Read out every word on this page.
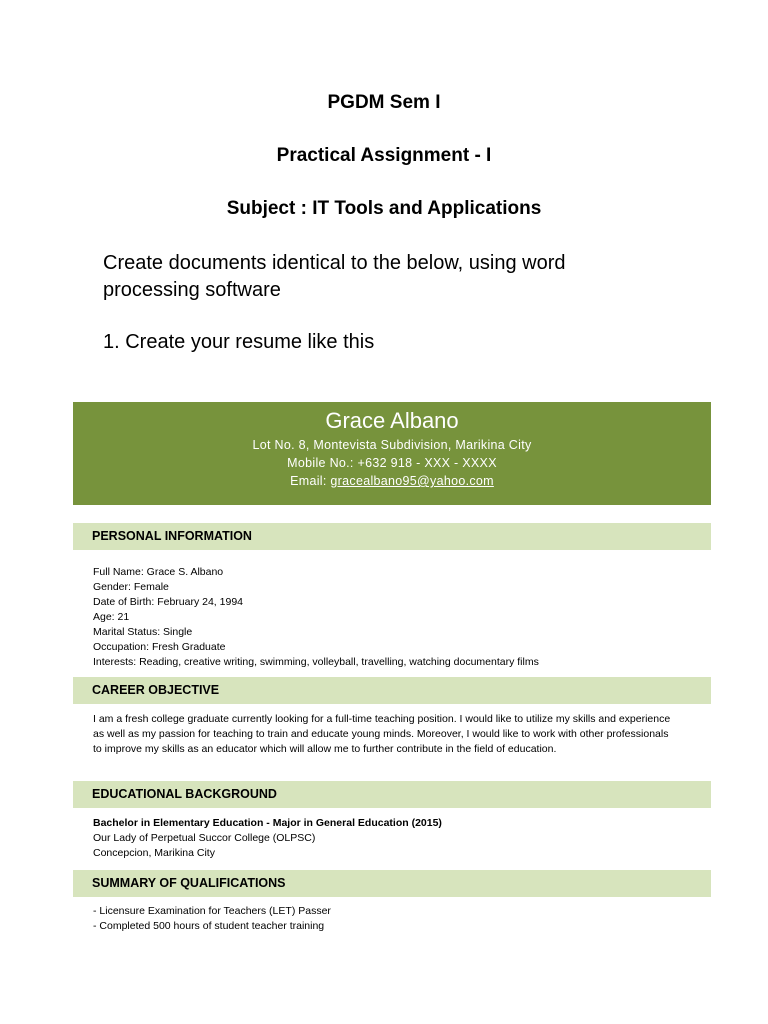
PGDM Sem I

Practical Assignment - I

Subject : IT Tools and Applications

Create documents identical to the below, using word processing software

1. Create your resume like this

Grace Albano
Lot No. 8, Montevista Subdivision, Marikina City
Mobile No.: +632 918 - XXX - XXXX
Email: gracealbano95@yahoo.com
PERSONAL INFORMATION
Full Name: Grace S. Albano
Gender: Female
Date of Birth: February 24, 1994
Age: 21
Marital Status: Single
Occupation: Fresh Graduate
Interests: Reading, creative writing, swimming, volleyball, travelling, watching documentary films
CAREER OBJECTIVE

I am a fresh college graduate currently looking for a full-time teaching position. I would like to utilize my skills and experience as well as my passion for teaching to train and educate young minds. Moreover, I would like to work with other professionals to improve my skills as an educator which will allow me to further contribute in the field of education.

EDUCATIONAL BACKGROUND
Bachelor in Elementary Education - Major in General Education (2015)
Our Lady of Perpetual Succor College (OLPSC)
Concepcion, Marikina City
SUMMARY OF QUALIFICATIONS
- Licensure Examination for Teachers (LET) Passer
- Completed 500 hours of student teacher training
